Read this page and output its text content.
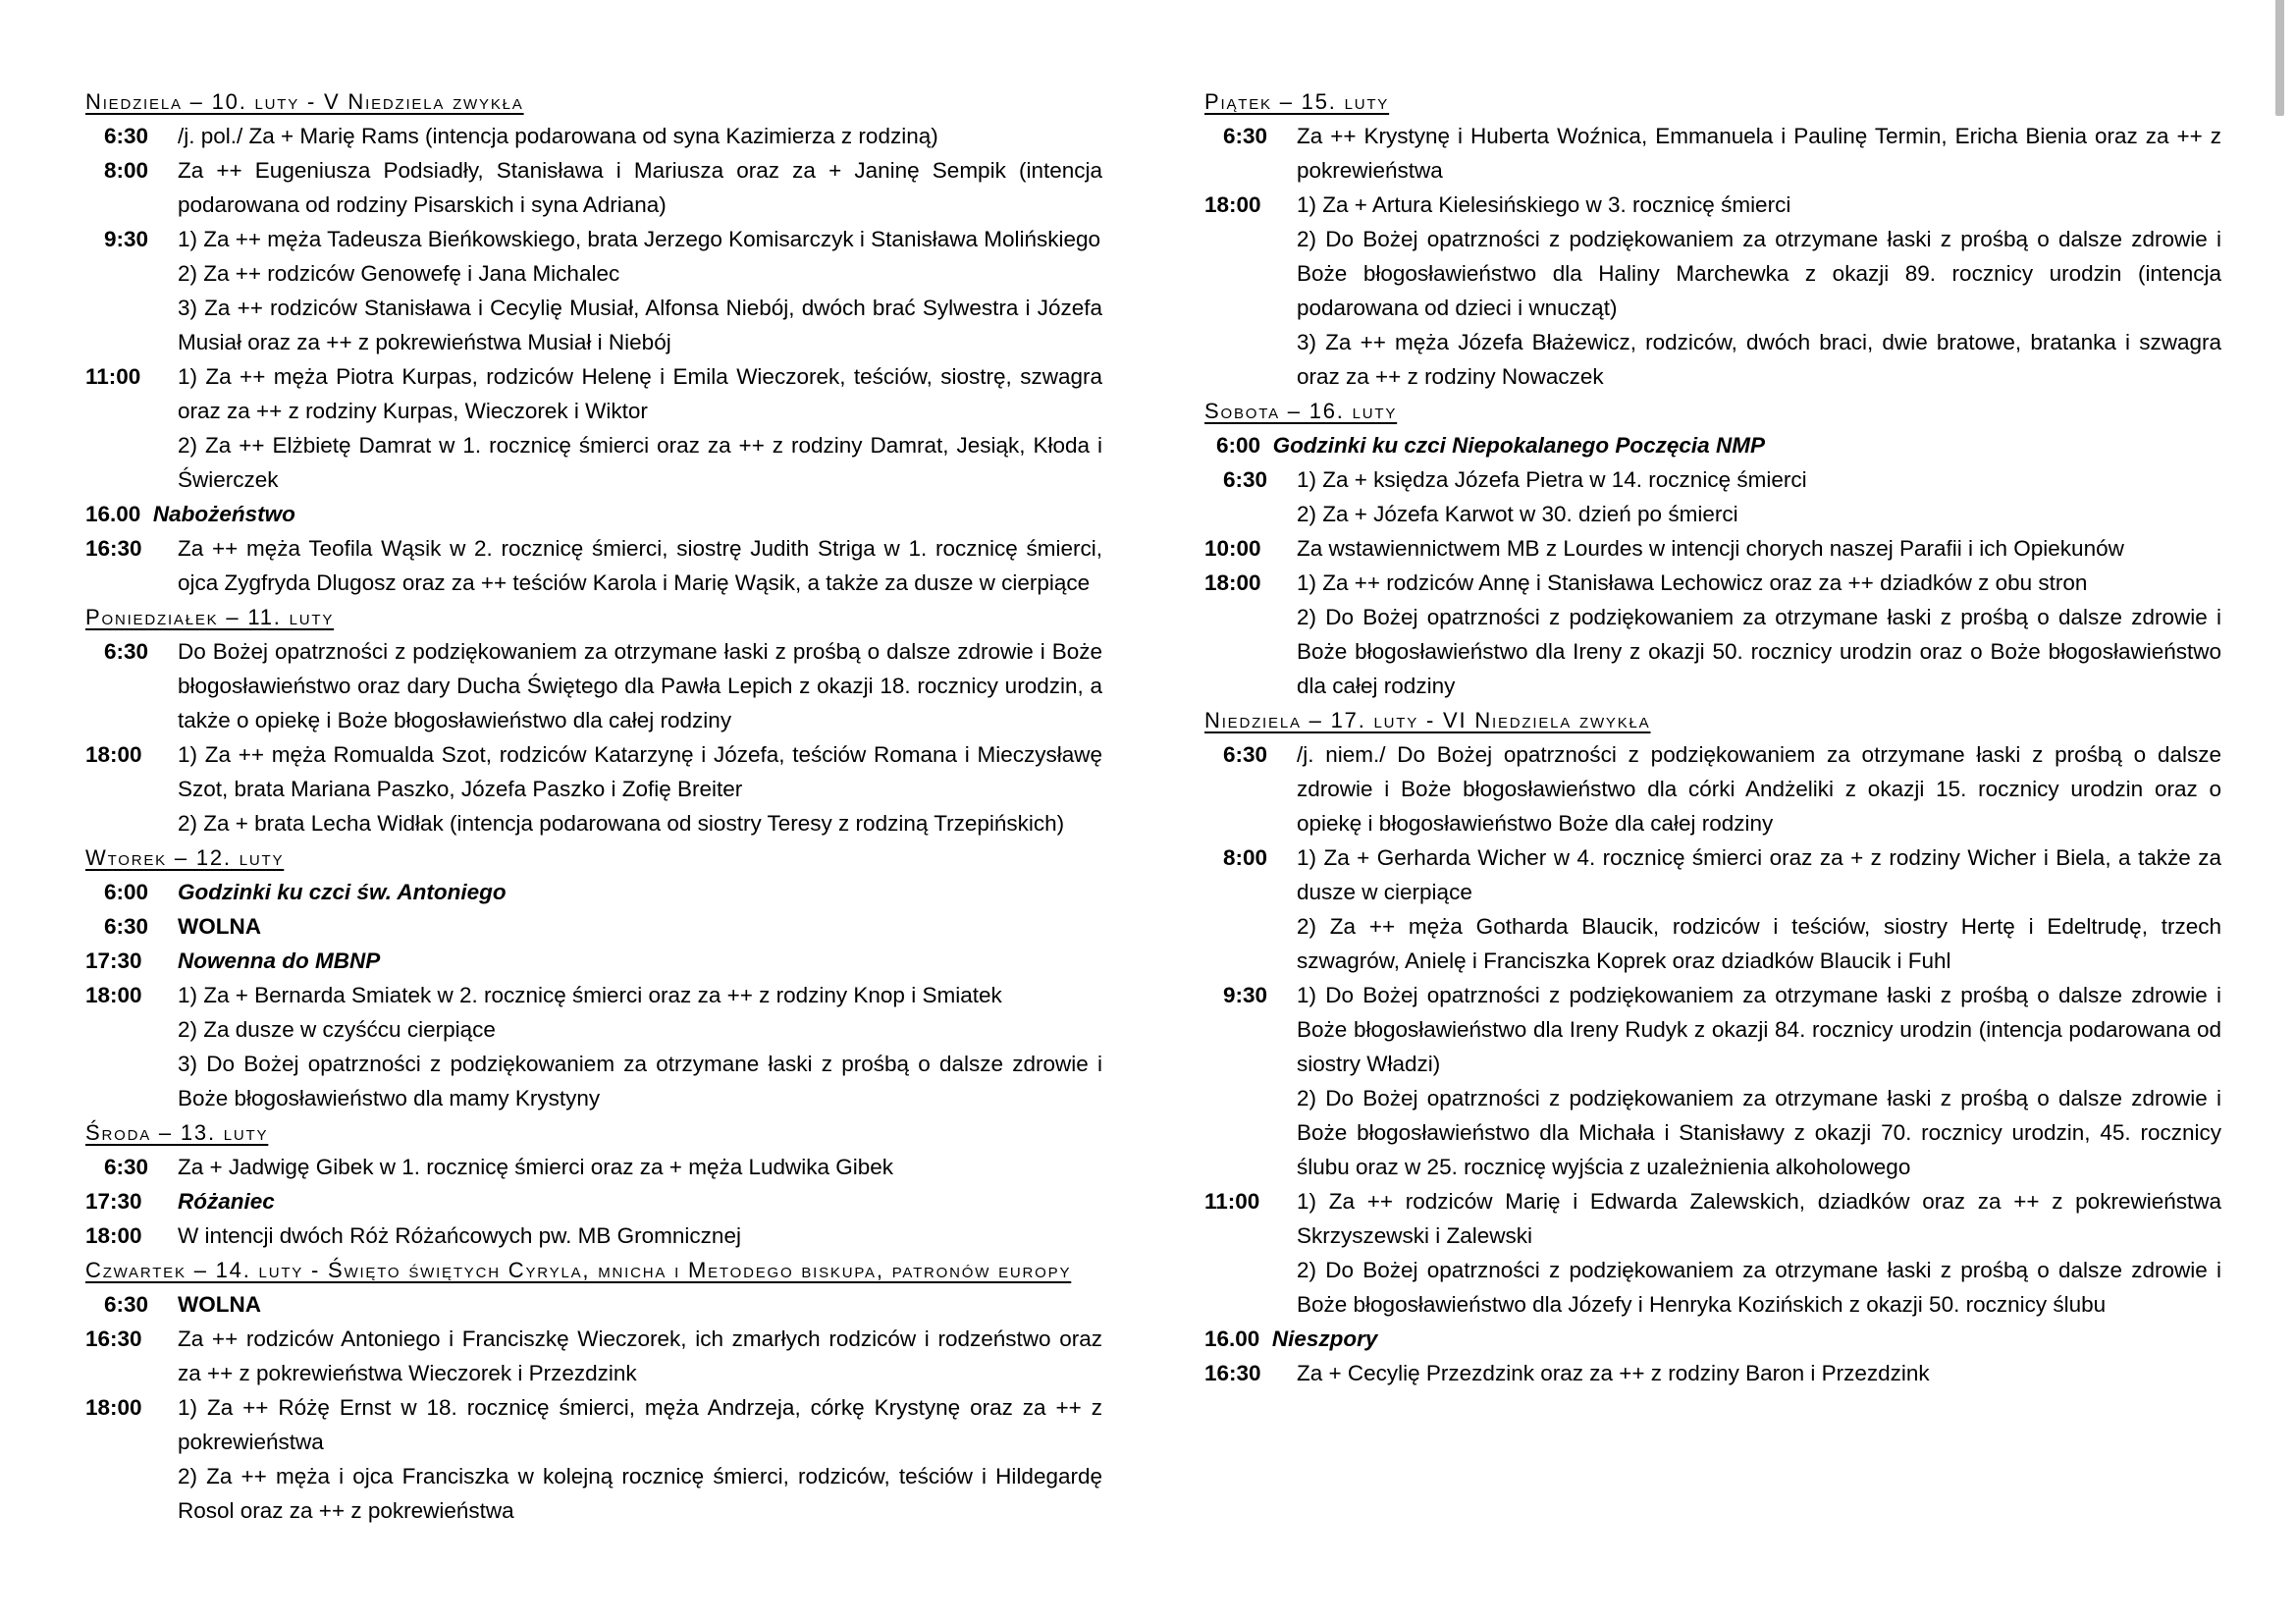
Niedziela – 10. luty - V Niedziela zwykła
6:30	/j. pol./ Za + Marię Rams (intencja podarowana od syna Kazimierza z rodziną)
8:00	Za ++ Eugeniusza Podsiadły, Stanisława i Mariusza oraz za + Janinę Sempik (intencja podarowana od rodziny Pisarskich i syna Adriana)
9:30	1) Za ++ męża Tadeusza Bieńkowskiego, brata Jerzego Komisarczyk i Stanisława Molińskiego
2) Za ++ rodziców Genowefę i Jana Michalec
3) Za ++ rodziców Stanisława i Cecylię Musiał, Alfonsa Niebój, dwóch brać Sylwestra i Józefa Musiał oraz za ++ z pokrewieństwa Musiał i Niebój
11:00	1) Za ++ męża Piotra Kurpas, rodziców Helenę i Emila Wieczorek, teściów, siostrę, szwagra oraz za ++ z rodziny Kurpas, Wieczorek i Wiktor
2) Za ++ Elżbietę Damrat w 1. rocznicę śmierci oraz za ++ z rodziny Damrat, Jesiąk, Kłoda i Świerczek
16.00 Nabożeństwo
16:30	Za ++ męża Teofila Wąsik w 2. rocznicę śmierci, siostrę Judith Striga w 1. rocznicę śmierci, ojca Zygfryda Dlugosz oraz za ++ teściów Karola i Marię Wąsik, a także za dusze w cierpiące
Poniedziałek – 11. luty
6:30	Do Bożej opatrzności z podziękowaniem za otrzymane łaski z prośbą o dalsze zdrowie i Boże błogosławieństwo oraz dary Ducha Świętego dla Pawła Lepich z okazji 18. rocznicy urodzin, a także o opiekę i Boże błogosławieństwo dla całej rodziny
18:00	1) Za ++ męża Romualda Szot, rodziców Katarzynę i Józefa, teściów Romana i Mieczysławę Szot, brata Mariana Paszko, Józefa Paszko i Zofię Breiter
2) Za + brata Lecha Widłak (intencja podarowana od siostry Teresy z rodziną Trzepińskich)
Wtorek – 12. luty
6:00	Godzinki ku czci św. Antoniego
6:30	WOLNA
17:30	Nowenna do MBNP
18:00	1) Za + Bernarda Smiatek w 2. rocznicę śmierci oraz za ++ z rodziny Knop i Smiatek
2) Za dusze w czyśćcu cierpiące
3) Do Bożej opatrzności z podziękowaniem za otrzymane łaski z prośbą o dalsze zdrowie i Boże błogosławieństwo dla mamy Krystyny
Środa – 13. luty
6:30	Za + Jadwigę Gibek w 1. rocznicę śmierci oraz za + męża Ludwika Gibek
17:30	Różaniec
18:00	W intencji dwóch Róż Różańcowych pw. MB Gromnicznej
Czwartek – 14. luty - Święto świętych Cyryla, mnicha i Metodego biskupa, patronów europy
6:30	WOLNA
16:30	Za ++ rodziców Antoniego i Franciszkę Wieczorek, ich zmarłych rodziców i rodzeństwo oraz za ++ z pokrewieństwa Wieczorek i Przezdzink
18:00	1) Za ++ Różę Ernst w 18. rocznicę śmierci, męża Andrzeja, córkę Krystynę oraz za ++ z pokrewieństwa
2) Za ++ męża i ojca Franciszka w kolejną rocznicę śmierci, rodziców, teściów i Hildegardę Rosol oraz za ++ z pokrewieństwa
Piątek – 15. luty
6:30	Za ++ Krystynę i Huberta Woźnica, Emmanuela i Paulinę Termin, Ericha Bienia oraz za ++ z pokrewieństwa
18:00	1) Za + Artura Kielesińskiego w 3. rocznicę śmierci
2) Do Bożej opatrzności z podziękowaniem za otrzymane łaski z prośbą o dalsze zdrowie i Boże błogosławieństwo dla Haliny Marchewka z okazji 89. rocznicy urodzin (intencja podarowana od dzieci i wnucząt)
3) Za ++ męża Józefa Błażewicz, rodziców, dwóch braci, dwie bratowe, bratanka i szwagra oraz za ++ z rodziny Nowaczek
Sobota – 16. luty
6:00 Godzinki ku czci Niepokalanego Poczęcia NMP
6:30	1) Za + księdza Józefa Pietra w 14. rocznicę śmierci
2) Za + Józefa Karwot w 30. dzień po śmierci
10:00	Za wstawiennictwem MB z Lourdes w intencji chorych naszej Parafii i ich Opiekunów
18:00	1) Za ++ rodziców Annę i Stanisława Lechowicz oraz za ++ dziadków z obu stron
2) Do Bożej opatrzności z podziękowaniem za otrzymane łaski z prośbą o dalsze zdrowie i Boże błogosławieństwo dla Ireny z okazji 50. rocznicy urodzin oraz o Boże błogosławieństwo dla całej rodziny
Niedziela – 17. luty - VI Niedziela zwykła
6:30	/j. niem./ Do Bożej opatrzności z podziękowaniem za otrzymane łaski z prośbą o dalsze zdrowie i Boże błogosławieństwo dla córki Andżeliki z okazji 15. rocznicy urodzin oraz o opiekę i błogosławieństwo Boże dla całej rodziny
8:00	1) Za + Gerharda Wicher w 4. rocznicę śmierci oraz za + z rodziny Wicher i Biela, a także za dusze w cierpiące
2) Za ++ męża Gotharda Blaucik, rodziców i teściów, siostry Hertę i Edeltrudę, trzech szwagrów, Anielę i Franciszka Koprek oraz dziadków Blaucik i Fuhl
9:30	1) Do Bożej opatrzności z podziękowaniem za otrzymane łaski z prośbą o dalsze zdrowie i Boże błogosławieństwo dla Ireny Rudyk z okazji 84. rocznicy urodzin (intencja podarowana od siostry Władzi)
2) Do Bożej opatrzności z podziękowaniem za otrzymane łaski z prośbą o dalsze zdrowie i Boże błogosławieństwo dla Michała i Stanisławy z okazji 70. rocznicy urodzin, 45. rocznicy ślubu oraz w 25. rocznicę wyjścia z uzależnienia alkoholowego
11:00	1) Za ++ rodziców Marię i Edwarda Zalewskich, dziadków oraz za ++ z pokrewieństwa Skrzyszewski i Zalewski
2) Do Bożej opatrzności z podziękowaniem za otrzymane łaski z prośbą o dalsze zdrowie i Boże błogosławieństwo dla Józefy i Henryka Kozińskich z okazji 50. rocznicy ślubu
16.00 Nieszpory
16:30	Za + Cecylię Przezdzink oraz za ++ z rodziny Baron i Przezdzink
